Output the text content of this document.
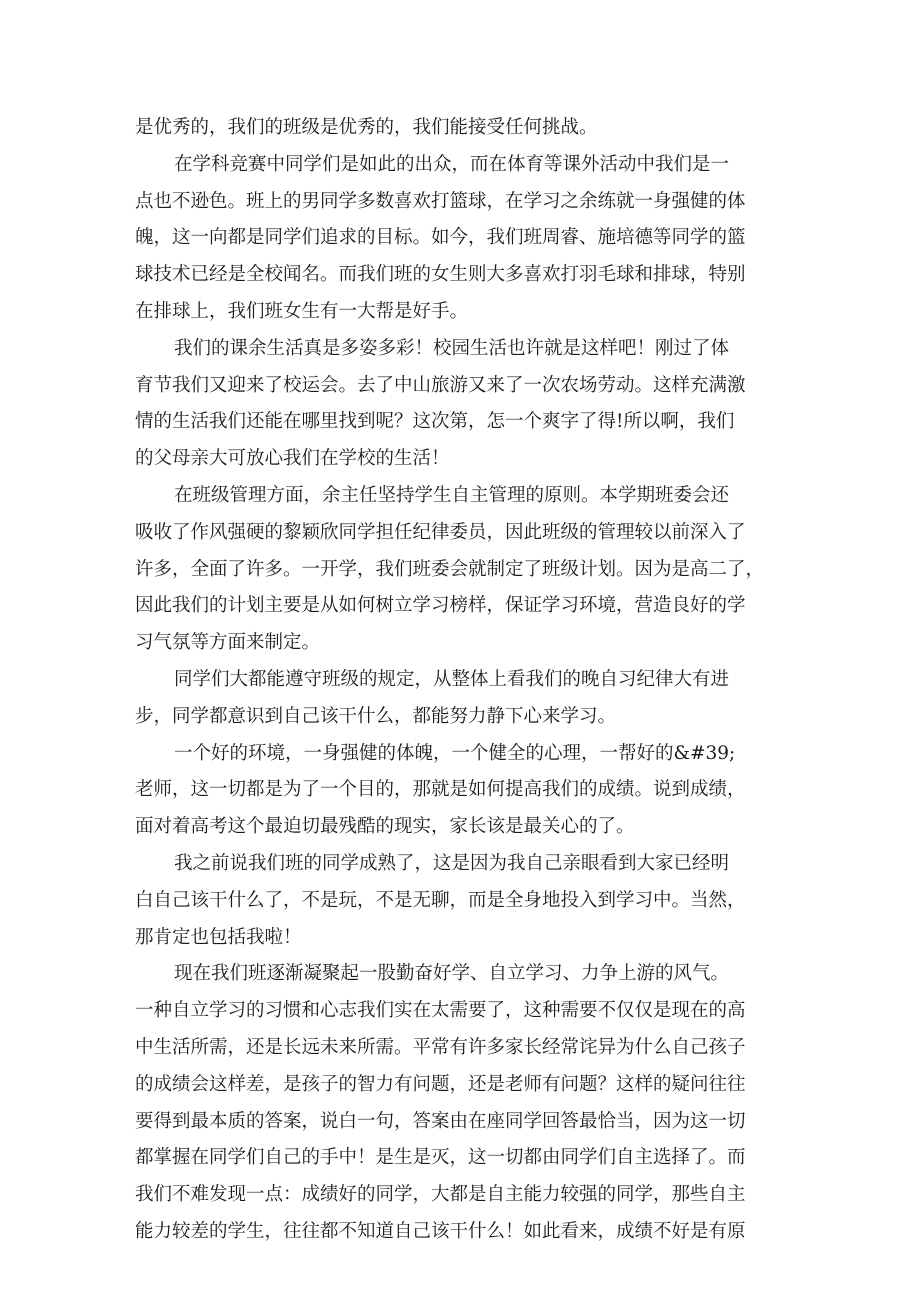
是优秀的，我们的班级是优秀的，我们能接受任何挑战。
在学科竞赛中同学们是如此的出众，而在体育等课外活动中我们是一
点也不逊色。班上的男同学多数喜欢打篮球，在学习之余练就一身强健的体
魄，这一向都是同学们追求的目标。如今，我们班周睿、施培德等同学的篮
球技术已经是全校闻名。而我们班的女生则大多喜欢打羽毛球和排球，特别
在排球上，我们班女生有一大帮是好手。
我们的课余生活真是多姿多彩！校园生活也许就是这样吧！刚过了体
育节我们又迎来了校运会。去了中山旅游又来了一次农场劳动。这样充满激
情的生活我们还能在哪里找到呢？这次第，怎一个爽字了得!所以啊，我们
的父母亲大可放心我们在学校的生活！
在班级管理方面，余主任坚持学生自主管理的原则。本学期班委会还
吸收了作风强硬的黎颖欣同学担任纪律委员，因此班级的管理较以前深入了
许多，全面了许多。一开学，我们班委会就制定了班级计划。因为是高二了，
因此我们的计划主要是从如何树立学习榜样，保证学习环境，营造良好的学
习气氛等方面来制定。
同学们大都能遵守班级的规定，从整体上看我们的晚自习纪律大有进
步，同学都意识到自己该干什么，都能努力静下心来学习。
一个好的环境，一身强健的体魄，一个健全的心理，一帮好的&#39;
老师，这一切都是为了一个目的，那就是如何提高我们的成绩。说到成绩，
面对着高考这个最迫切最残酷的现实，家长该是最关心的了。
我之前说我们班的同学成熟了，这是因为我自己亲眼看到大家已经明
白自己该干什么了，不是玩，不是无聊，而是全身地投入到学习中。当然，
那肯定也包括我啦！
现在我们班逐渐凝聚起一股勤奋好学、自立学习、力争上游的风气。
一种自立学习的习惯和心志我们实在太需要了，这种需要不仅仅是现在的高
中生活所需，还是长远未来所需。平常有许多家长经常诧异为什么自己孩子
的成绩会这样差，是孩子的智力有问题，还是老师有问题？这样的疑问往往
要得到最本质的答案，说白一句，答案由在座同学回答最恰当，因为这一切
都掌握在同学们自己的手中！是生是灭，这一切都由同学们自主选择了。而
我们不难发现一点：成绩好的同学，大都是自主能力较强的同学，那些自主
能力较差的学生，往往都不知道自己该干什么！如此看来，成绩不好是有原
